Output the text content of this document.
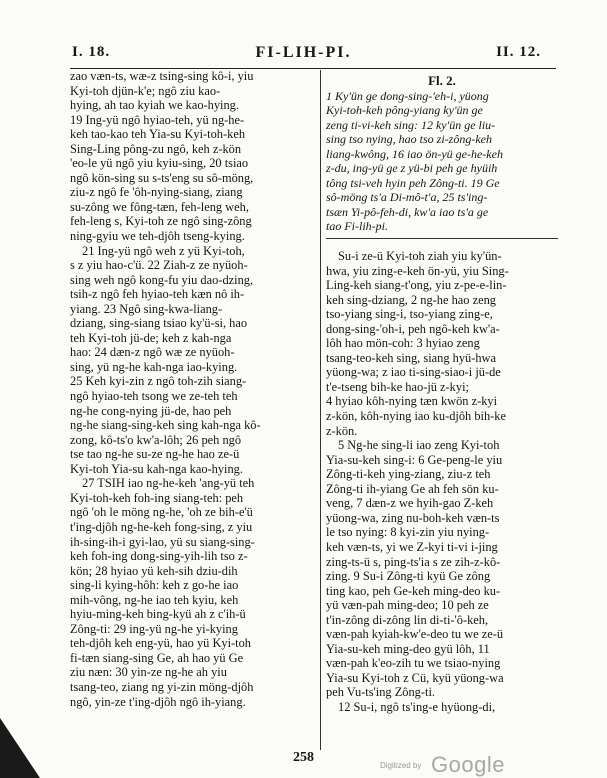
I. 18.	FI-LIH-PI.	II. 12.
zao væn-ts, wæ-z tsing-sing kô-i, yiu
Kyi-toh djün-k'e; ngô ziu kao-
hying, ah tao kyiah we kao-hying.
19 Ing-yü ngô hyiao-teh, yü ng-he-
keh tao-kao teh Yia-su Kyi-toh-keh
Sing-Ling pông-zu ngô, keh z-kön
'eo-le yü ngô yiu kyiu-sing, 20 tsiao
ngô kön-sing su s-ts'eng su sô-möng,
ziu-z ngô fe 'ôh-nying-siang, ziang
su-zông we fông-tæn, feh-leng weh,
feh-leng s, Kyi-toh ze ngô sing-zông
ning-gyiu we teh-djôh tseng-kying.
21 Ing-yü ngô weh z yü Kyi-toh,
s z yiu hao-c'ü. 22 Ziah-z ze nyüoh-
sing weh ngô kong-fu yiu dao-dzing,
tsih-z ngô feh hyiao-teh kæn nô ih-
yiang. 23 Ngô sing-kwa-liang-
dziang, sing-siang tsiao ky'ü-si, hao
teh Kyi-toh jü-de; keh z kah-nga
hao: 24 dæn-z ngô wæ ze nyüoh-
sing, yü ng-he kah-nga iao-kying.
25 Keh kyi-zin z ngô toh-zih siang-
ngô hyiao-teh tsong we ze-teh teh
ng-he cong-nying jü-de, hao peh
ng-he siang-sing-keh sing kah-nga kô-
zong, kô-ts'o kw'a-lôh; 26 peh ngô
tse tao ng-he su-ze ng-he hao ze-ü
Kyi-toh Yia-su kah-nga kao-hying.
27 TSIH iao ng-he-keh 'ang-yü teh
Kyi-toh-keh foh-ing siang-teh: peh
ngô 'oh le möng ng-he, 'oh ze bih-e'ü
t'ing-djôh ng-he-keh fong-sing, z yiu
ih-sing-ih-i gyi-lao, yü su siang-sing-
keh foh-ing dong-sing-yih-lih tso z-
kön; 28 hyiao yü keh-sih dziu-dih
sing-li kying-hôh: keh z go-he iao
mih-vông, ng-he iao teh kyiu, keh
hyiu-ming-keh bing-kyü ah z c'ih-ü
Zông-ti: 29 ing-yü ng-he yi-kying
teh-djôh keh eng-yü, hao yü Kyi-toh
fi-tæn siang-sing Ge, ah hao yü Ge
ziu næn: 30 yin-ze ng-he ah yiu
tsang-teo, ziang ng yi-zin möng-djôh
ngô, yin-ze t'ing-djôh ngô ih-yiang.
Fl. 2.
1 Ky'ün ge dong-sing-'eh-i, yüong
Kyi-toh-keh pông-yiang ky'ün ge
zeng ti-vi-keh sing: 12 ky'ün ge liu-
sing tso nying, hao tso zi-zông-keh
liang-kwông, 16 iao ön-yü ge-he-keh
z-du, ing-yü ge z yü-bi peh ge hyüih
tông tsi-veh hyin peh Zông-ti. 19 Ge
sô-möng ts'a Di-mô-t'a, 25 ts'ing-
tsæn Yi-pô-feh-di, kw'a iao ts'a ge
tao Fi-lih-pi.
Su-i ze-ü Kyi-toh ziah yiu ky'ün-
hwa, yiu zing-e-keh ön-yü, yiu Sing-
Ling-keh siang-t'ong, yiu z-pe-e-lin-
keh sing-dziang, 2 ng-he hao zeng
tso-yiang sing-i, tso-yiang zing-e,
dong-sing-'oh-i, peh ngô-keh kw'a-
lôh hao mön-coh: 3 hyiao zeng
tsang-teo-keh sing, siang hyü-hwa
yüong-wa; z iao ti-sing-siao-i jü-de
t'e-tseng bih-ke hao-jü z-kyi;
4 hyiao kôh-nying tæn kwön z-kyi
z-kön, kôh-nying iao ku-djôh bih-ke
z-kön.
5 Ng-he sing-li iao zeng Kyi-toh
Yia-su-keh sing-i: 6 Ge-peng-le yiu
Zông-ti-keh ying-ziang, ziu-z teh
Zông-ti ih-yiang Ge ah feh sön ku-
veng, 7 dæn-z we hyih-gao Z-keh
yüong-wa, zing nu-boh-keh væn-ts
le tso nying: 8 kyi-zin yiu nying-
keh væn-ts, yi we Z-kyi ti-vi i-jing
zing-ts-ü s, ping-ts'ia s ze zih-z-kô-
zing. 9 Su-i Zông-ti kyü Ge zông
ting kao, peh Ge-keh ming-deo ku-
yü væn-pah ming-deo; 10 peh ze
t'in-zông di-zông lin di-ti-'ô-keh,
væn-pah kyiah-kw'e-deo tu we ze-ü
Yia-su-keh ming-deo gyü lôh, 11
væn-pah k'eo-zih tu we tsiao-nying
Yia-su Kyi-toh z Cü, kyü yüong-wa
peh Vu-ts'ing Zông-ti.
12 Su-i, ngô ts'ing-e hyüong-di,
258
Digitized by Google
